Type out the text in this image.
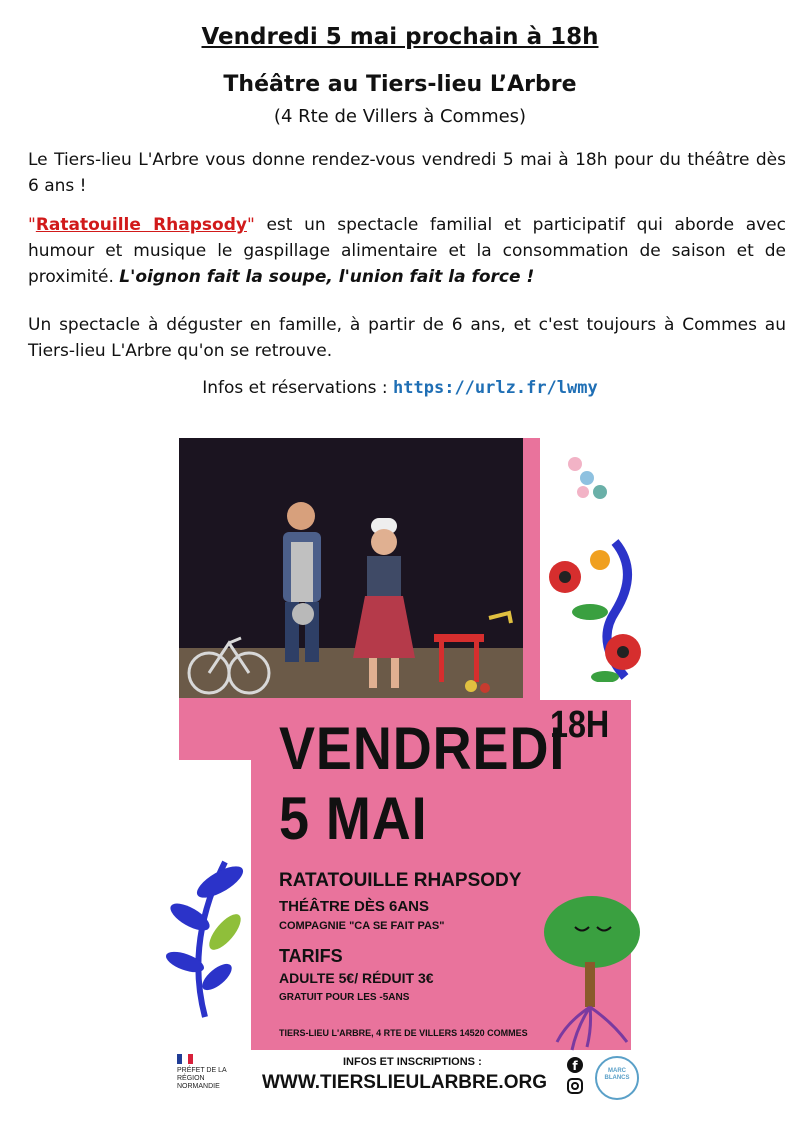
Vendredi 5 mai prochain à 18h
Théâtre au Tiers-lieu L’Arbre
(4 Rte de Villers à Commes)
Le Tiers-lieu L'Arbre vous donne rendez-vous vendredi 5 mai à 18h pour du théâtre dès 6 ans !
"Ratatouille Rhapsody" est un spectacle familial et participatif qui aborde avec humour et musique le gaspillage alimentaire et la consommation de saison et de proximité. L'oignon fait la soupe, l'union fait la force !
Un spectacle à déguster en famille, à partir de 6 ans, et c'est toujours à Commes au Tiers-lieu L'Arbre qu'on se retrouve.
Infos et réservations : https://urlz.fr/lwmy
VENDREDI
18H
5 MAI
RATATOUILLE RHAPSODY
THÉÂTRE DÈS 6ANS
COMPAGNIE "CA SE FAIT PAS"
TARIFS
ADULTE 5€/ RÉDUIT 3€
GRATUIT POUR LES -5ANS
TIERS-LIEU L'ARBRE, 4 RTE DE VILLERS 14520 COMMES
PRÉFET DE LA RÉGION NORMANDIE
INFOS ET INSCRIPTIONS :
WWW.TIERSLIEULARBRE.ORG
f	MARC BLANCS
